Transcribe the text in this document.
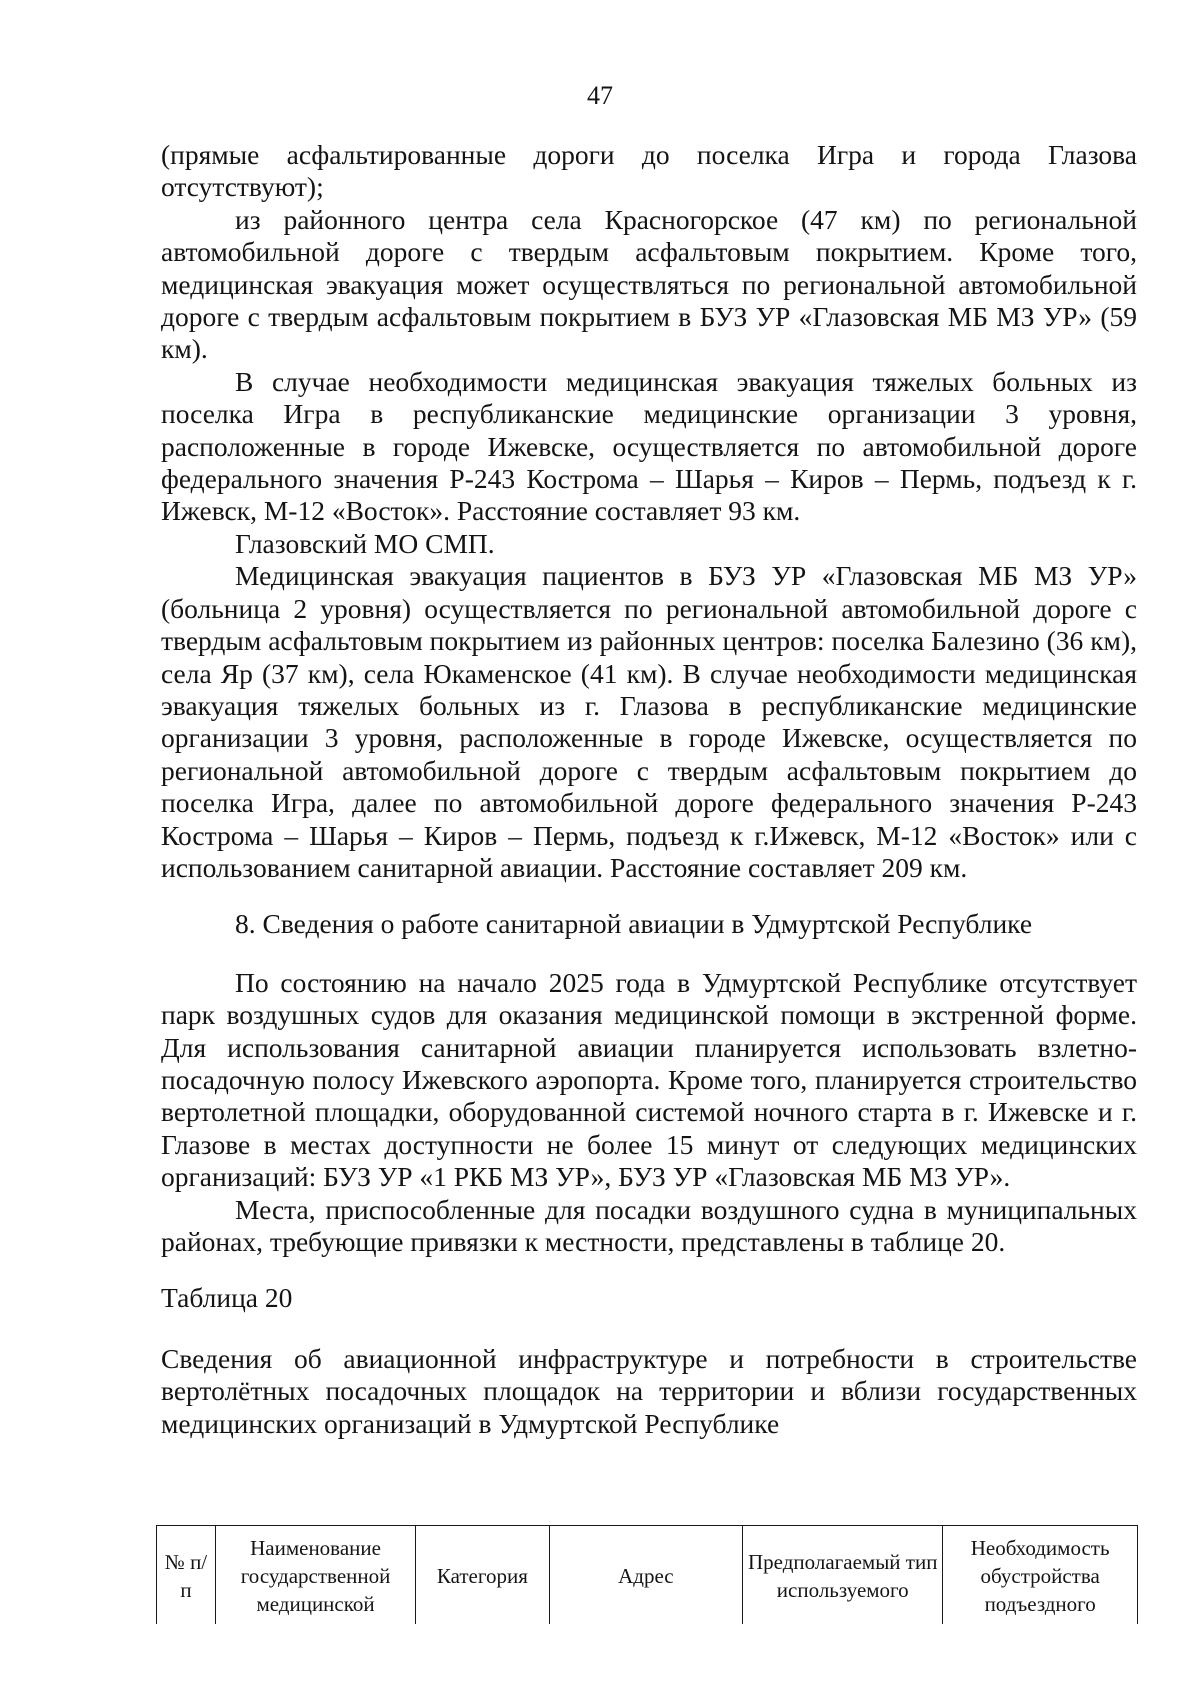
47

(прямые асфальтированные дороги до поселка Игра и города Глазова отсутствуют);

из районного центра села Красногорское (47 км) по региональной автомобильной дороге с твердым асфальтовым покрытием. Кроме того, медицинская эвакуация может осуществляться по региональной автомобильной дороге с твердым асфальтовым покрытием в БУЗ УР «Глазовская МБ МЗ УР» (59 км).

В случае необходимости медицинская эвакуация тяжелых больных из поселка Игра в республиканские медицинские организации 3 уровня, расположенные в городе Ижевске, осуществляется по автомобильной дороге федерального значения Р-243 Кострома – Шарья – Киров – Пермь, подъезд к г. Ижевск, М-12 «Восток». Расстояние составляет 93 км.

Глазовский МО СМП.

Медицинская эвакуация пациентов в БУЗ УР «Глазовская МБ МЗ УР» (больница 2 уровня) осуществляется по региональной автомобильной дороге с твердым асфальтовым покрытием из районных центров: поселка Балезино (36 км), села Яр (37 км), села Юкаменское (41 км). В случае необходимости медицинская эвакуация тяжелых больных из г. Глазова в республиканские медицинские организации 3 уровня, расположенные в городе Ижевске, осуществляется по региональной автомобильной дороге с твердым асфальтовым покрытием до поселка Игра, далее по автомобильной дороге федерального значения Р-243 Кострома – Шарья – Киров – Пермь, подъезд к г.Ижевск, М-12 «Восток» или с использованием санитарной авиации. Расстояние составляет 209 км.

8. Сведения о работе санитарной авиации в Удмуртской Республике

По состоянию на начало 2025 года в Удмуртской Республике отсутствует парк воздушных судов для оказания медицинской помощи в экстренной форме. Для использования санитарной авиации планируется использовать взлетно-посадочную полосу Ижевского аэропорта. Кроме того, планируется строительство вертолетной площадки, оборудованной системой ночного старта в г. Ижевске и г. Глазове в местах доступности не более 15 минут от следующих медицинских организаций: БУЗ УР «1 РКБ МЗ УР», БУЗ УР «Глазовская МБ МЗ УР».

Места, приспособленные для посадки воздушного судна в муниципальных районах, требующие привязки к местности, представлены в таблице 20.

Таблица 20

Сведения об авиационной инфраструктуре и потребности в строительстве вертолётных посадочных площадок на территории и вблизи государственных медицинских организаций в Удмуртской Республике

№ п/п	Наименование государственной медицинской	Категория	Адрес	Предполагаемый тип используемого	Необходимость обустройства подъездного
